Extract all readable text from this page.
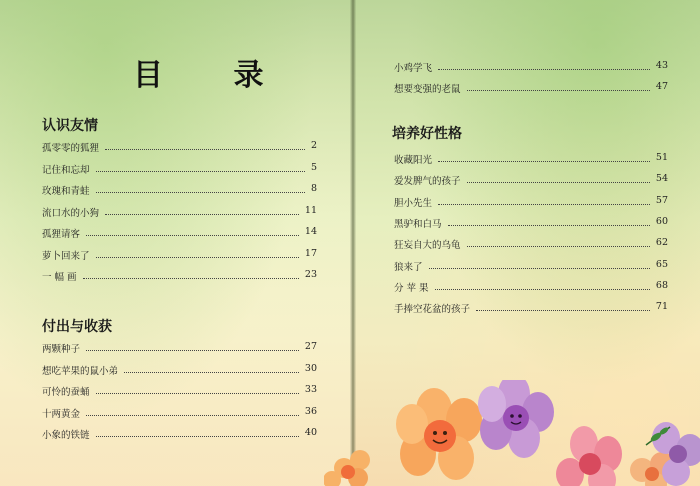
目 录
认识友情
孤零零的狐狸	2
记住和忘却	5
玫瑰和青蛙	8
流口水的小狗	11
孤狸请客	14
萝卜回来了	17
一 幅 画	23
付出与收获
两颗种子	27
想吃苹果的鼠小弟	30
可怜的蚕蛹	33
十两黄金	36
小象的铁链	40
小鸡学飞	43
想要变强的老鼠	47
培养好性格
收藏阳光	51
爱发脾气的孩子	54
胆小先生	57
黑驴和白马	60
狂妄自大的乌龟	62
狼来了	65
分 苹 果	68
手捧空花盆的孩子	71
